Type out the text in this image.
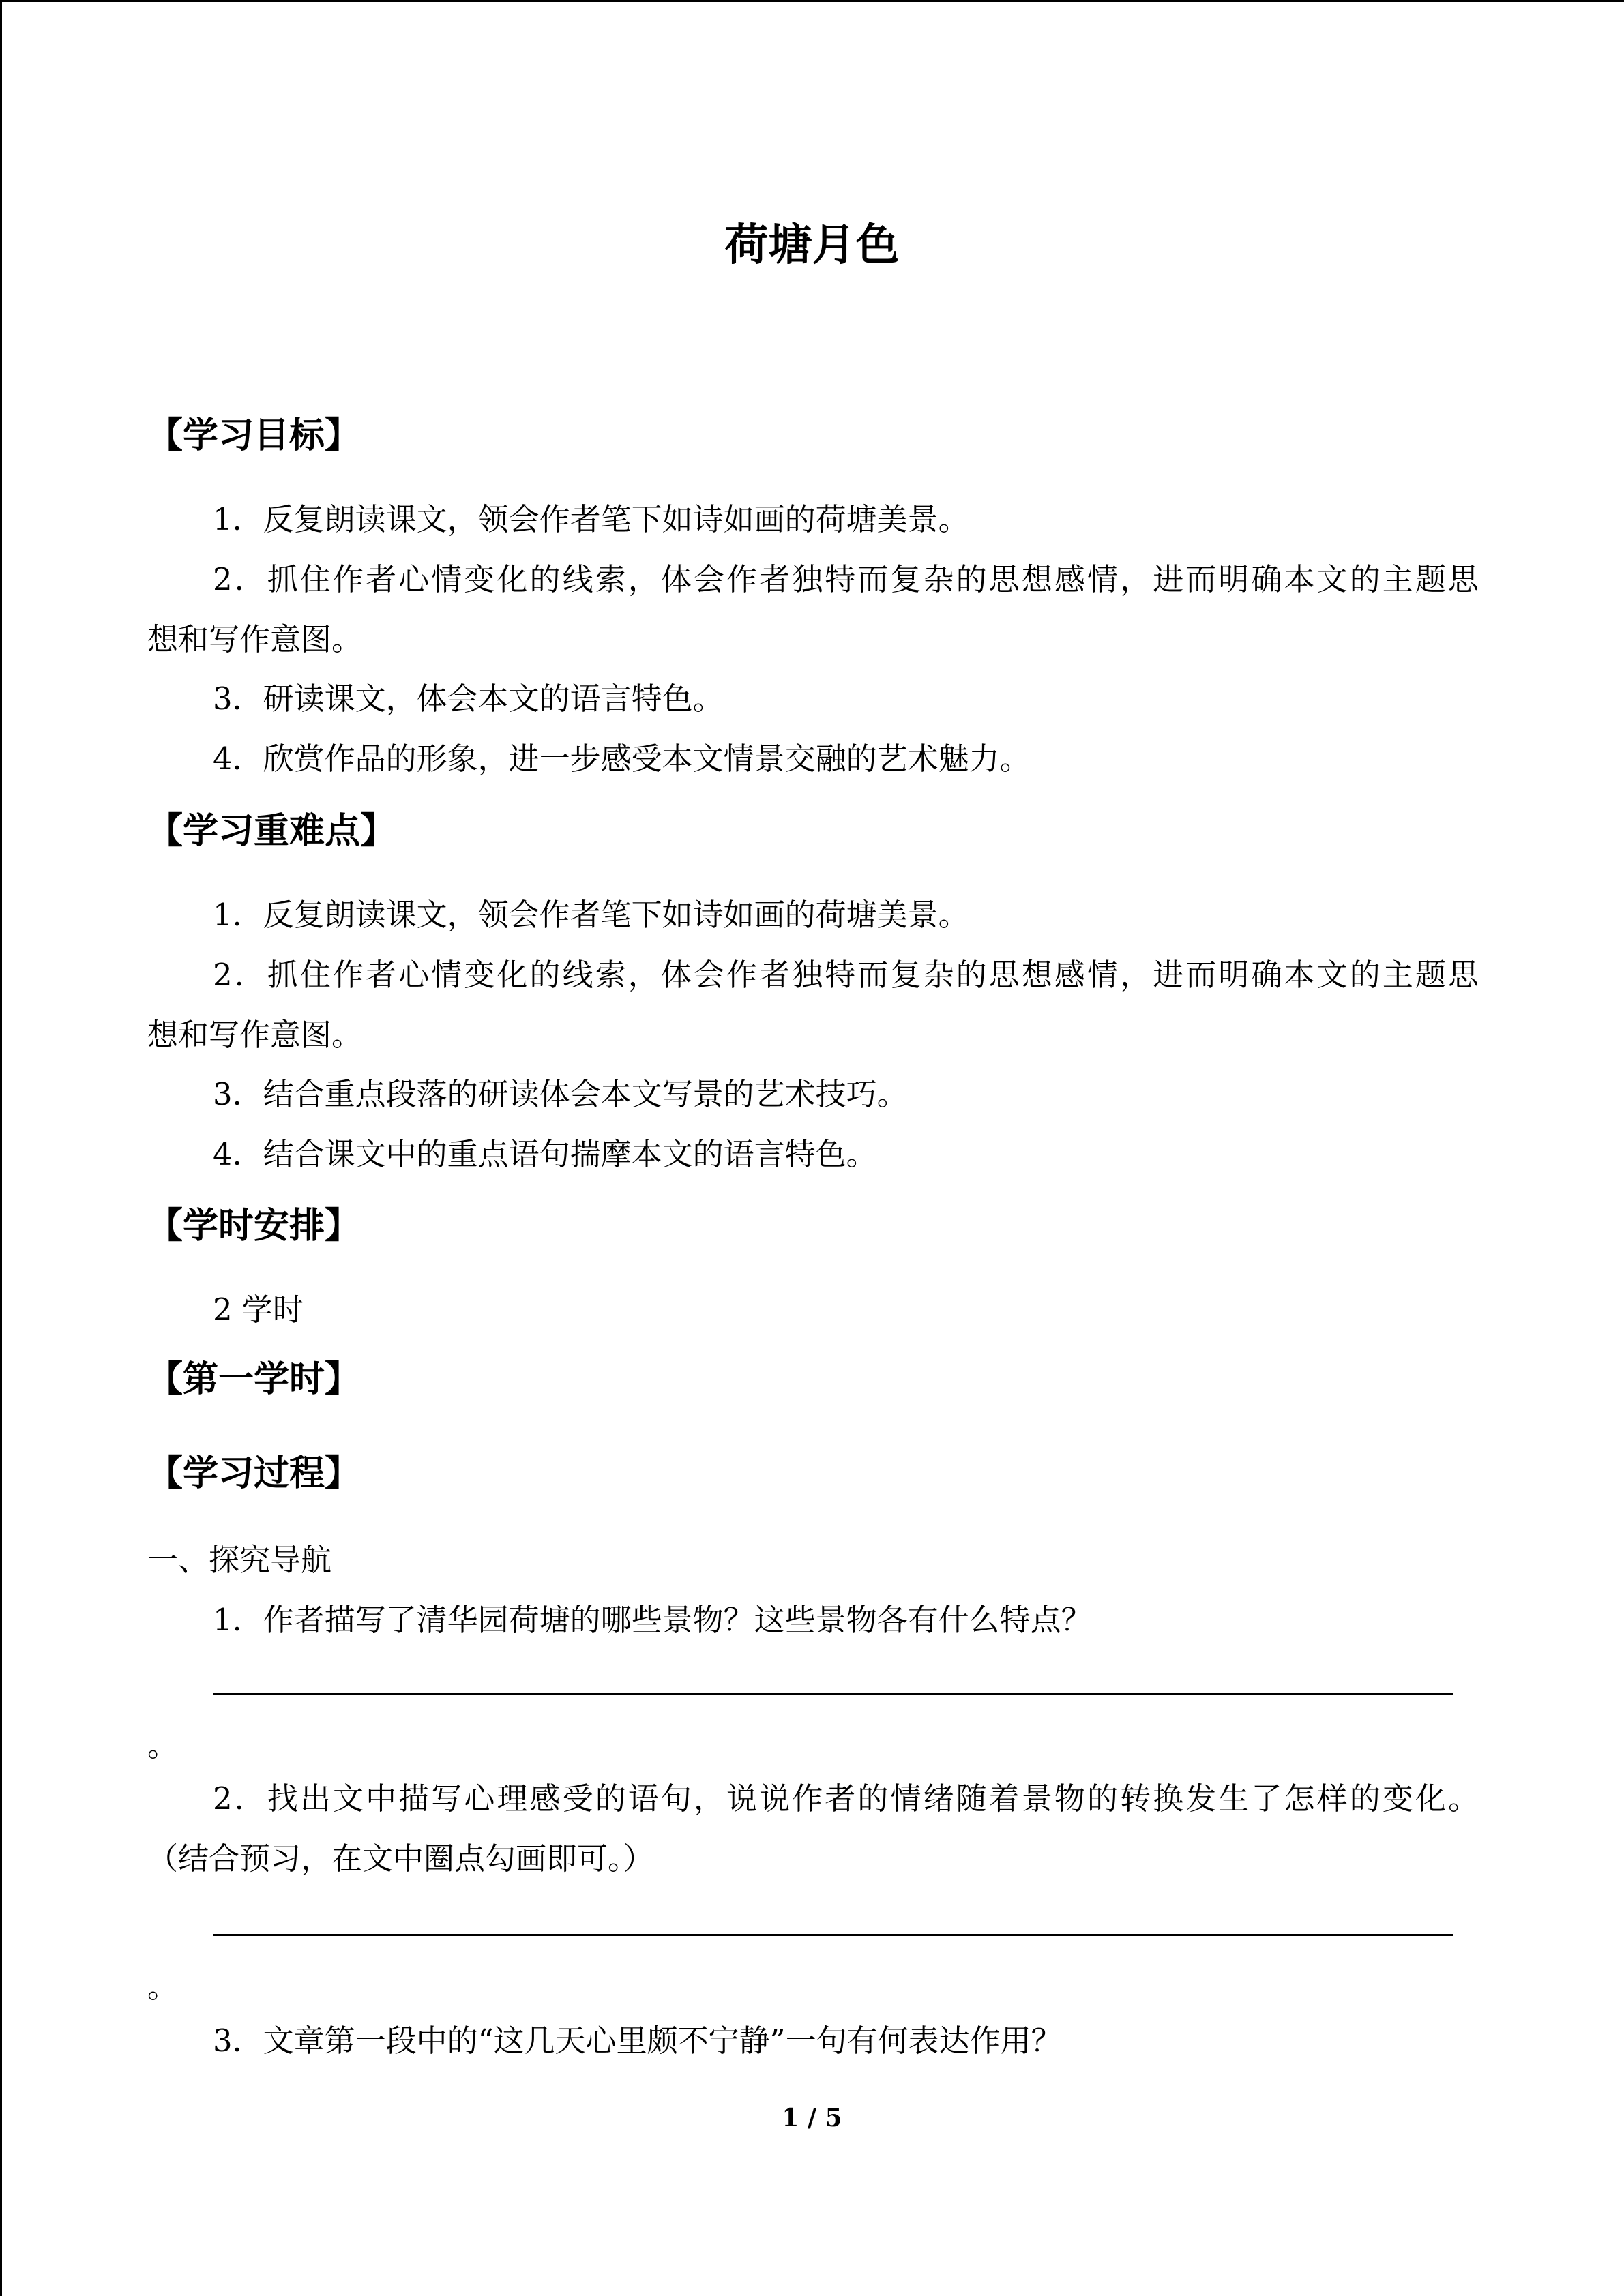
荷塘月色
【学习目标】
1．反复朗读课文，领会作者笔下如诗如画的荷塘美景。
2．抓住作者心情变化的线索，体会作者独特而复杂的思想感情，进而明确本文的主题思
想和写作意图。
3．研读课文，体会本文的语言特色。
4．欣赏作品的形象，进一步感受本文情景交融的艺术魅力。
【学习重难点】
1．反复朗读课文，领会作者笔下如诗如画的荷塘美景。
2．抓住作者心情变化的线索，体会作者独特而复杂的思想感情，进而明确本文的主题思
想和写作意图。
3．结合重点段落的研读体会本文写景的艺术技巧。
4．结合课文中的重点语句揣摩本文的语言特色。
【学时安排】
2 学时
【第一学时】
【学习过程】
一、探究导航
1．作者描写了清华园荷塘的哪些景物？这些景物各有什么特点？
。
2．找出文中描写心理感受的语句，说说作者的情绪随着景物的转换发生了怎样的变化。
（结合预习，在文中圈点勾画即可。）
。
3．文章第一段中的“这几天心里颇不宁静”一句有何表达作用？
1 / 5
